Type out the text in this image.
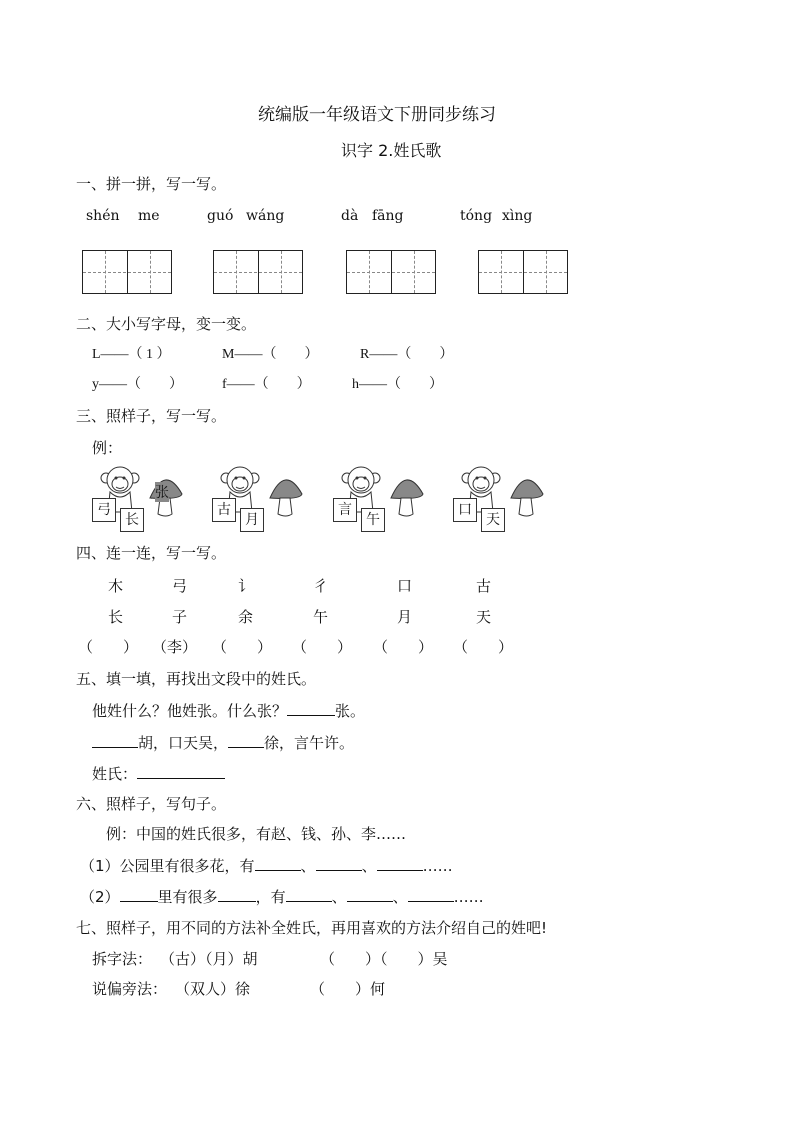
统编版一年级语文下册同步练习
识字 2.姓氏歌
一、拼一拼，写一写。
shén me	guó wáng	dà fāng	tóng xìng
二、大小写字母，变一变。
L——（ 1 ）	M——（　　）	R——（　　）
y——（　　）	f——（　　）	h——（　　）
三、照样子，写一写。
例：
弓
长
张
古
月
言
午
口
天
四、连一连，写一写。
木	弓	讠	彳	口	古
长	子	余	午	月	天
（　　） （李） （　　） （　　） （　　） （　　）
五、填一填，再找出文段中的姓氏。
他姓什么？他姓张。什么张？	张。
胡，口天吴， 徐，言午许。
姓氏：
六、照样子，写句子。
例：中国的姓氏很多，有赵、钱、孙、李……
（1）公园里有很多花，有	、	、	……
（2）	里有很多	，有	、	、	……
七、照样子，用不同的方法补全姓氏，再用喜欢的方法介绍自己的姓吧!
拆字法： （古）（月）胡	（　　）（　　）吴
说偏旁法： （双人）徐	（　　）何
